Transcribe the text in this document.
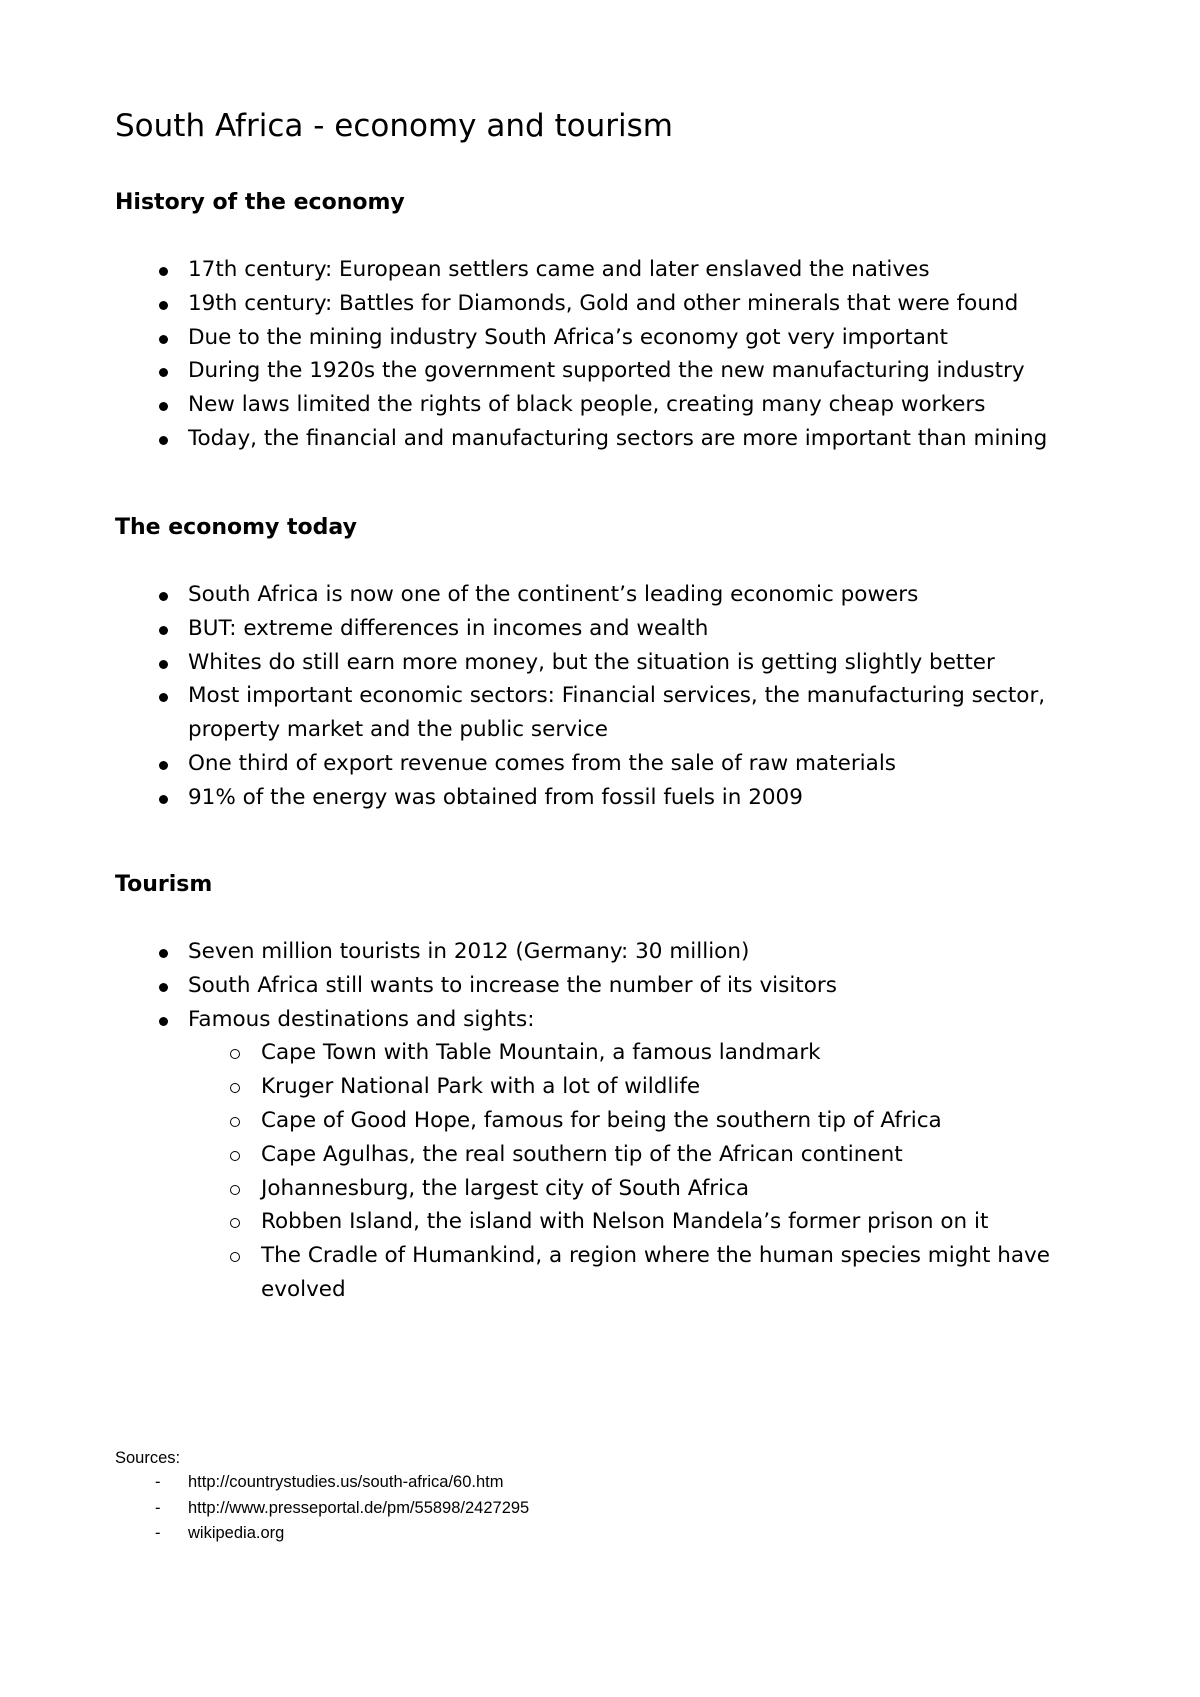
South Africa - economy and tourism
History of the economy
17th century: European settlers came and later enslaved the natives
19th century: Battles for Diamonds, Gold and other minerals that were found
Due to the mining industry South Africa’s economy got very important
During the 1920s the government supported the new manufacturing industry
New laws limited the rights of black people, creating many cheap workers
Today, the financial and manufacturing sectors are more important than mining
The economy today
South Africa is now one of the continent’s leading economic powers
BUT: extreme differences in incomes and wealth
Whites do still earn more money, but the situation is getting slightly better
Most important economic sectors: Financial services, the manufacturing sector, property market and the public service
One third of export revenue comes from the sale of raw materials
91% of the energy was obtained from fossil fuels in 2009
Tourism
Seven million tourists in 2012 (Germany: 30 million)
South Africa still wants to increase the number of its visitors
Famous destinations and sights:
Cape Town with Table Mountain, a famous landmark
Kruger National Park with a lot of wildlife
Cape of Good Hope, famous for being the southern tip of Africa
Cape Agulhas, the real southern tip of the African continent
Johannesburg, the largest city of South Africa
Robben Island, the island with Nelson Mandela’s former prison on it
The Cradle of Humankind, a region where the human species might have evolved

Sources:

- http://countrystudies.us/south-africa/60.htm
- http://www.presseportal.de/pm/55898/2427295
- wikipedia.org
